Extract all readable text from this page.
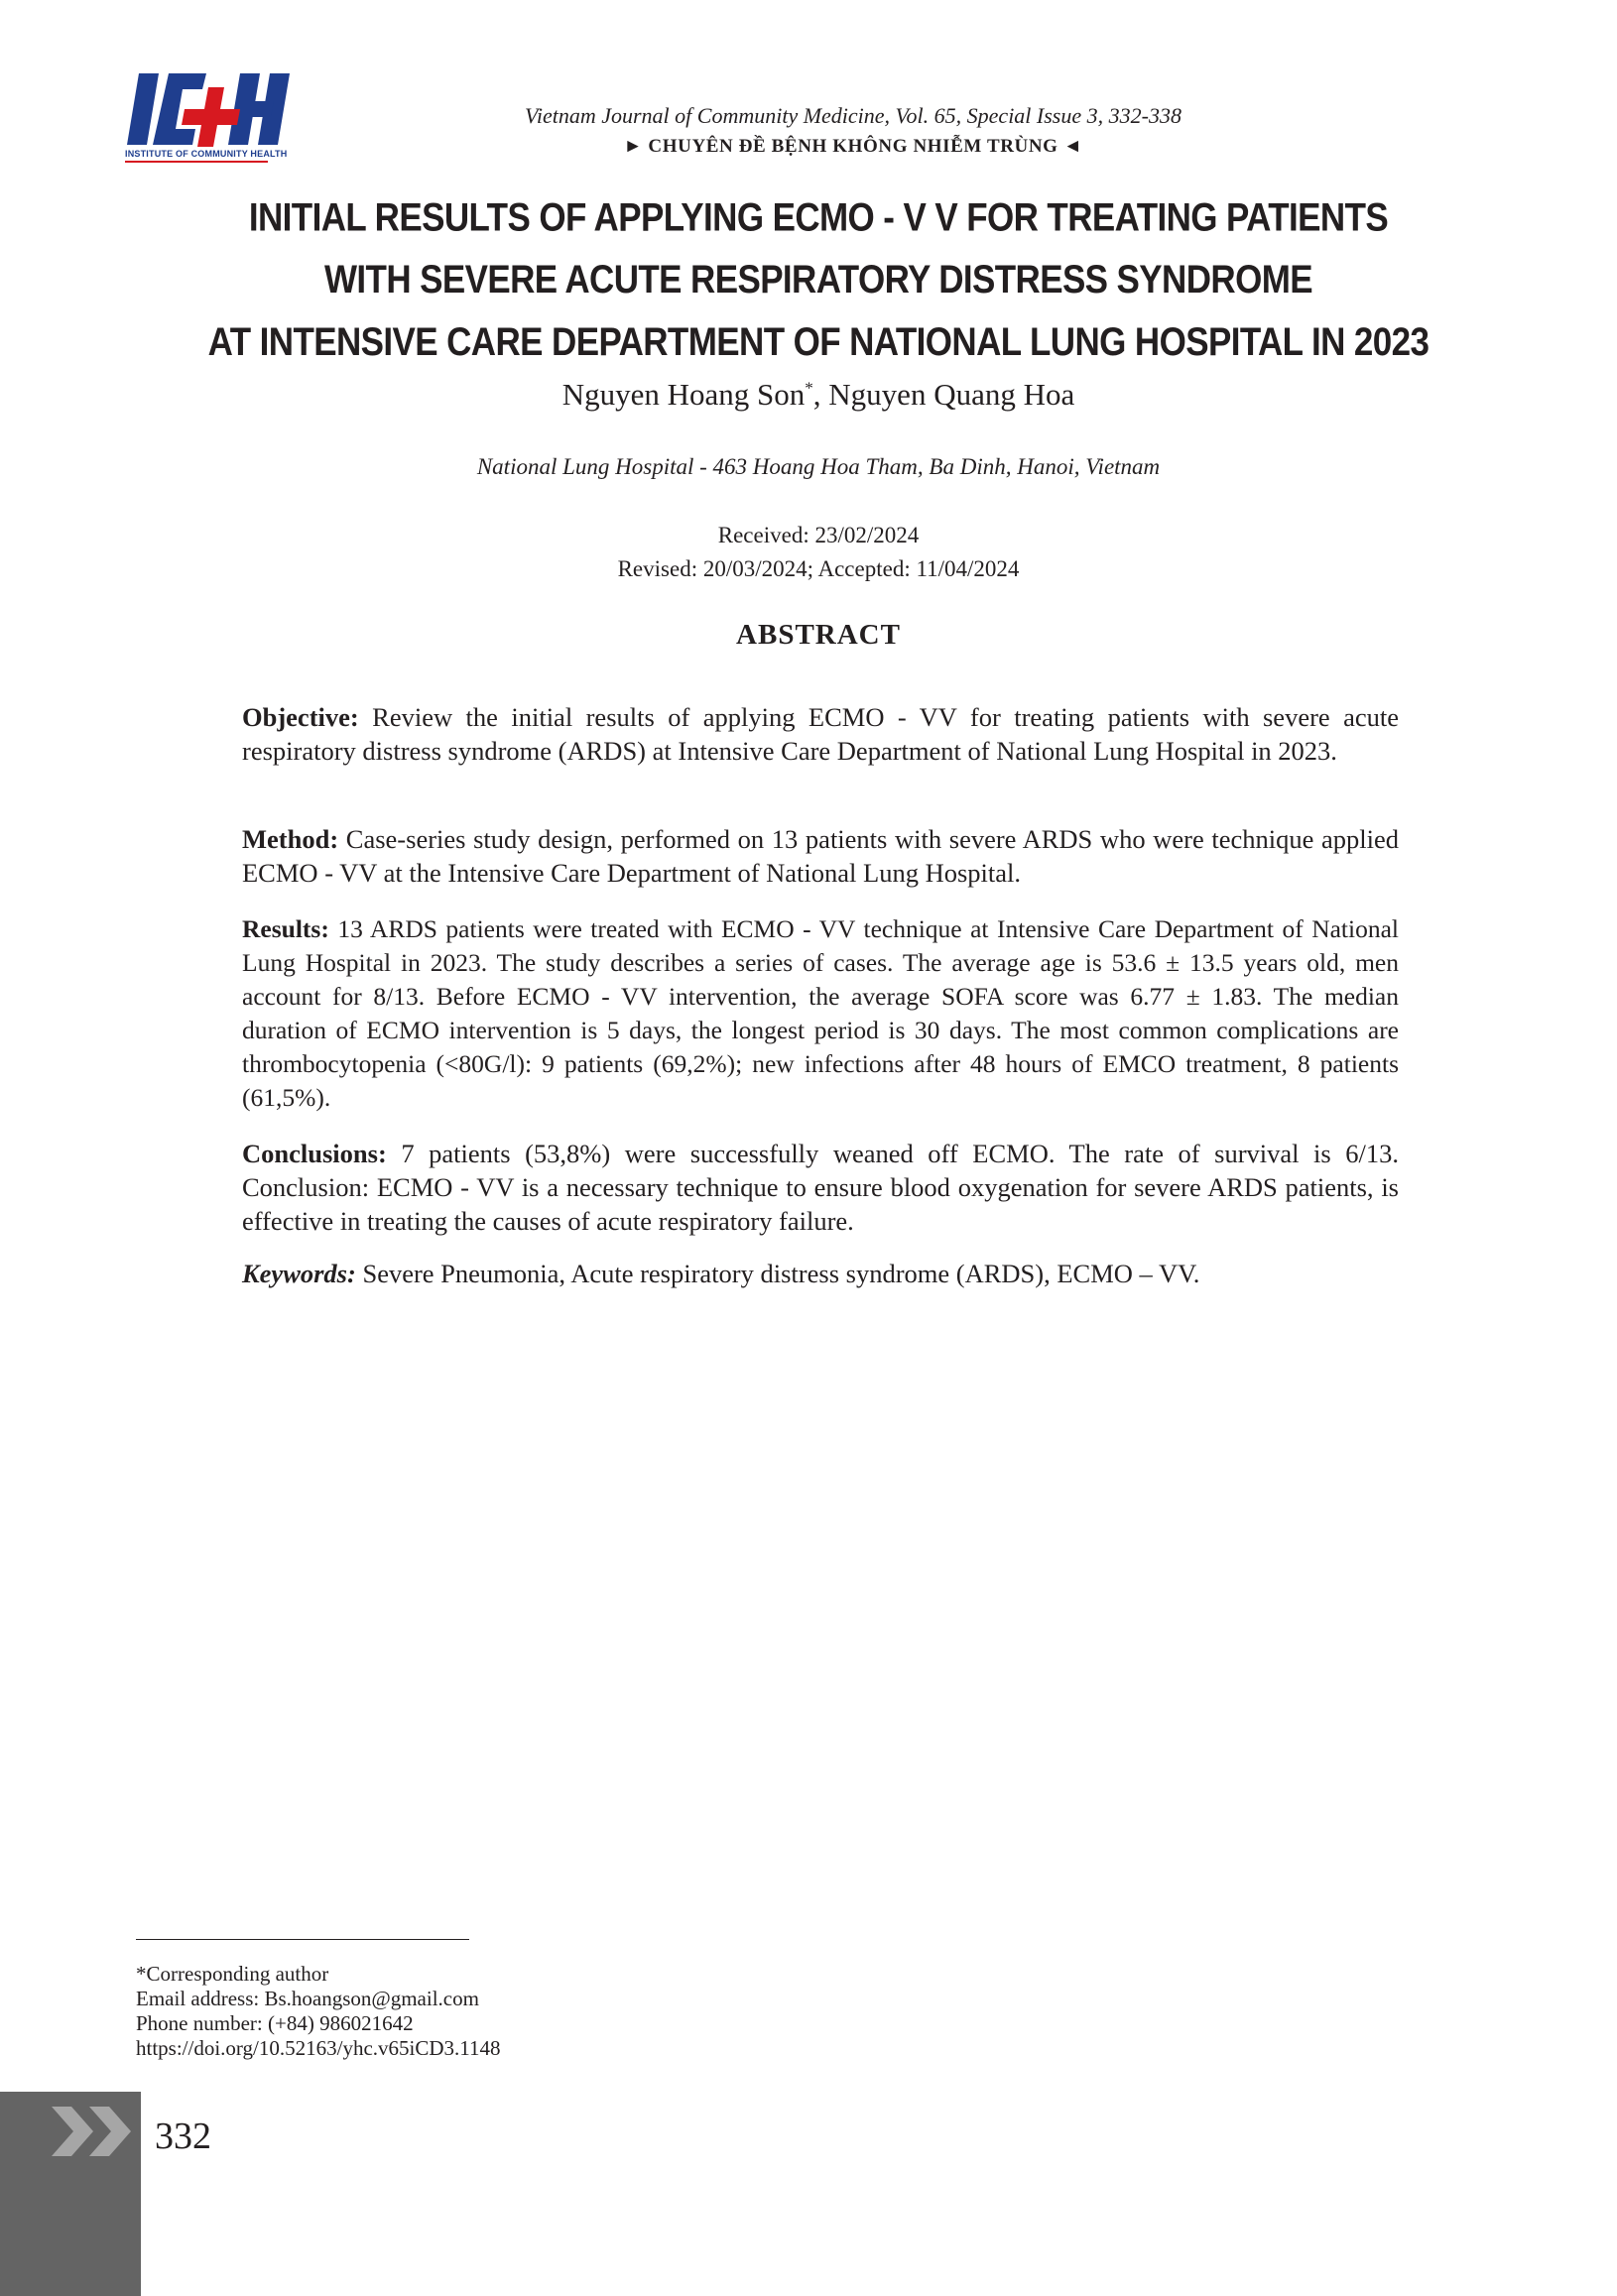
INSTITUTE OF COMMUNITY HEALTH
Vietnam Journal of Community Medicine, Vol. 65, Special Issue 3, 332-338
► CHUYÊN ĐỀ BỆNH KHÔNG NHIỄM TRÙNG ◄
INITIAL RESULTS OF APPLYING ECMO - V V FOR TREATING PATIENTS
WITH SEVERE ACUTE RESPIRATORY DISTRESS SYNDROME
AT INTENSIVE CARE DEPARTMENT OF NATIONAL LUNG HOSPITAL IN 2023
Nguyen Hoang Son*, Nguyen Quang Hoa
National Lung Hospital - 463 Hoang Hoa Tham, Ba Dinh, Hanoi, Vietnam
Received: 23/02/2024
Revised: 20/03/2024; Accepted: 11/04/2024
ABSTRACT

Objective: Review the initial results of applying ECMO - VV for treating patients with severe acute respiratory distress syndrome (ARDS) at Intensive Care Department of National Lung Hospital in 2023.

Method: Case-series study design, performed on 13 patients with severe ARDS who were technique applied ECMO - VV at the Intensive Care Department of National Lung Hospital.

Results: 13 ARDS patients were treated with ECMO - VV technique at Intensive Care Department of National Lung Hospital in 2023. The study describes a series of cases. The average age is 53.6 ± 13.5 years old, men account for 8/13. Before ECMO - VV intervention, the average SOFA score was 6.77 ± 1.83. The median duration of ECMO intervention is 5 days, the longest period is 30 days. The most common complications are thrombocytopenia (<80G/l): 9 patients (69,2%); new infections after 48 hours of EMCO treatment, 8 patients (61,5%).

Conclusions: 7 patients (53,8%) were successfully weaned off ECMO. The rate of survival is 6/13. Conclusion: ECMO - VV is a necessary technique to ensure blood oxygenation for severe ARDS patients, is effective in treating the causes of acute respiratory failure.

Keywords: Severe Pneumonia, Acute respiratory distress syndrome (ARDS), ECMO – VV.

*Corresponding author
Email address: Bs.hoangson@gmail.com
Phone number: (+84) 986021642
https://doi.org/10.52163/yhc.v65iCD3.1148
332
